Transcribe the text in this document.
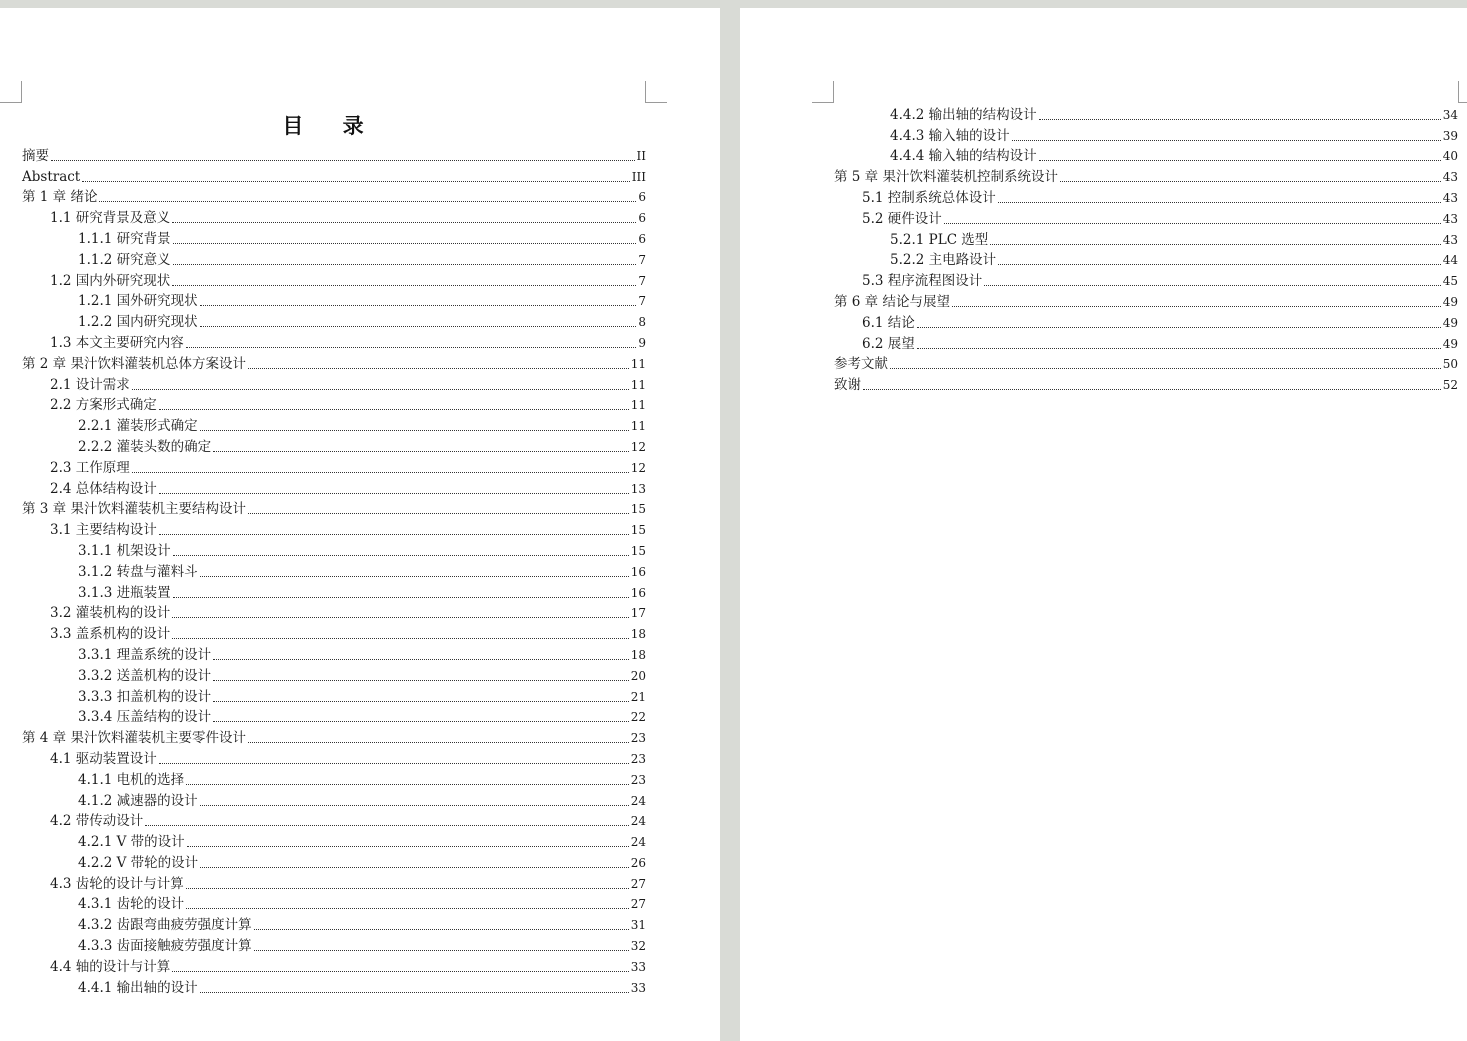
目 录
摘要	II
Abstract	III
第 1 章 绪论	6
1.1 研究背景及意义	6
1.1.1 研究背景	6
1.1.2 研究意义	7
1.2 国内外研究现状	7
1.2.1 国外研究现状	7
1.2.2 国内研究现状	8
1.3 本文主要研究内容	9
第 2 章 果汁饮料灌装机总体方案设计	11
2.1 设计需求	11
2.2 方案形式确定	11
2.2.1 灌装形式确定	11
2.2.2 灌装头数的确定	12
2.3 工作原理	12
2.4 总体结构设计	13
第 3 章 果汁饮料灌装机主要结构设计	15
3.1 主要结构设计	15
3.1.1 机架设计	15
3.1.2 转盘与灌料斗	16
3.1.3 进瓶装置	16
3.2 灌装机构的设计	17
3.3 盖系机构的设计	18
3.3.1 理盖系统的设计	18
3.3.2 送盖机构的设计	20
3.3.3 扣盖机构的设计	21
3.3.4 压盖结构的设计	22
第 4 章 果汁饮料灌装机主要零件设计	23
4.1 驱动装置设计	23
4.1.1 电机的选择	23
4.1.2 减速器的设计	24
4.2 带传动设计	24
4.2.1 V 带的设计	24
4.2.2 V 带轮的设计	26
4.3 齿轮的设计与计算	27
4.3.1 齿轮的设计	27
4.3.2 齿跟弯曲疲劳强度计算	31
4.3.3 齿面接触疲劳强度计算	32
4.4 轴的设计与计算	33
4.4.1 输出轴的设计	33
4.4.2 输出轴的结构设计	34
4.4.3 输入轴的设计	39
4.4.4 输入轴的结构设计	40
第 5 章 果汁饮料灌装机控制系统设计	43
5.1 控制系统总体设计	43
5.2 硬件设计	43
5.2.1 PLC 选型	43
5.2.2 主电路设计	44
5.3 程序流程图设计	45
第 6 章 结论与展望	49
6.1 结论	49
6.2 展望	49
参考文献	50
致谢	52
